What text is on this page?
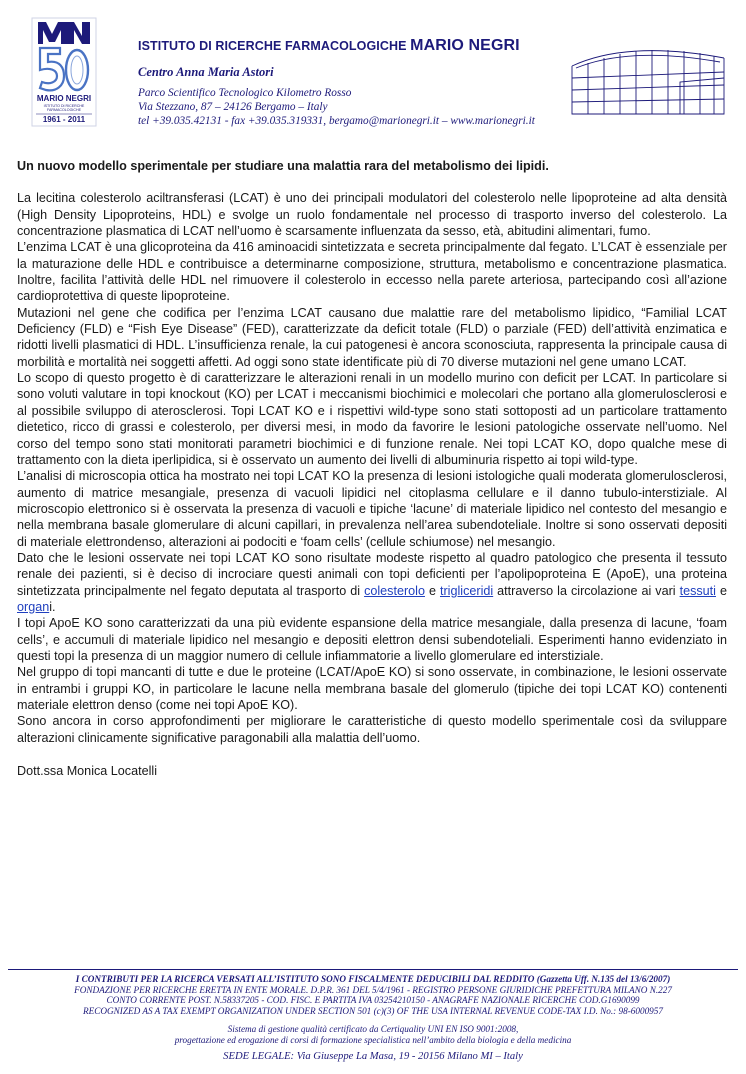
MARIO NEGRI
ISTITUTO DI RICERCHE
FARMACOLOGICHE
1961 - 2011
ISTITUTO DI RICERCHE FARMACOLOGICHE MARIO NEGRI
Centro Anna Maria Astori
Parco Scientifico Tecnologico Kilometro Rosso
Via Stezzano, 87 – 24126 Bergamo – Italy
tel +39.035.42131 - fax +39.035.319331, bergamo@marionegri.it – www.marionegri.it

Un nuovo modello sperimentale per studiare una malattia rara del metabolismo dei lipidi.

La lecitina colesterolo aciltransferasi (LCAT) è uno dei principali modulatori del colesterolo nelle lipoproteine ad alta densità (High Density Lipoproteins, HDL) e svolge un ruolo fondamentale nel processo di trasporto inverso del colesterolo. La concentrazione plasmatica di LCAT nell’uomo è scarsamente influenzata da sesso, età, abitudini alimentari, fumo.

L’enzima LCAT è una glicoproteina da 416 aminoacidi sintetizzata e secreta principalmente dal fegato. L’LCAT è essenziale per la maturazione delle HDL e contribuisce a determinarne composizione, struttura, metabolismo e concentrazione plasmatica. Inoltre, facilita l’attività delle HDL nel rimuovere il colesterolo in eccesso nella parete arteriosa, partecipando così all’azione cardioprotettiva di queste lipoproteine.

Mutazioni nel gene che codifica per l’enzima LCAT causano due malattie rare del metabolismo lipidico, “Familial LCAT Deficiency (FLD) e “Fish Eye Disease” (FED), caratterizzate da deficit totale (FLD) o parziale (FED) dell’attività enzimatica e ridotti livelli plasmatici di HDL. L’insufficienza renale, la cui patogenesi è ancora sconosciuta, rappresenta la principale causa di morbilità e mortalità nei soggetti affetti. Ad oggi sono state identificate più di 70 diverse mutazioni nel gene umano LCAT.

Lo scopo di questo progetto è di caratterizzare le alterazioni renali in un modello murino con deficit per LCAT. In particolare si sono voluti valutare in topi knockout (KO) per LCAT i meccanismi biochimici e molecolari che portano alla glomerulosclerosi e al possibile sviluppo di aterosclerosi. Topi LCAT KO e i rispettivi wild-type sono stati sottoposti ad un particolare trattamento dietetico, ricco di grassi e colesterolo, per diversi mesi, in modo da favorire le lesioni patologiche osservate nell’uomo. Nel corso del tempo sono stati monitorati parametri biochimici e di funzione renale. Nei topi LCAT KO, dopo qualche mese di trattamento con la dieta iperlipidica, si è osservato un aumento dei livelli di albuminuria rispetto ai topi wild-type.

L’analisi di microscopia ottica ha mostrato nei topi LCAT KO la presenza di lesioni istologiche quali moderata glomerulosclerosi, aumento di matrice mesangiale, presenza di vacuoli lipidici nel citoplasma cellulare e il danno tubulo-interstiziale. Al microscopio elettronico si è osservata la presenza di vacuoli e tipiche ‘lacune’ di materiale lipidico nel contesto del mesangio e nella membrana basale glomerulare di alcuni capillari, in prevalenza nell’area subendoteliale. Inoltre si sono osservati depositi di materiale elettrondenso, alterazioni ai podociti e ‘foam cells’ (cellule schiumose) nel mesangio.

Dato che le lesioni osservate nei topi LCAT KO sono risultate modeste rispetto al quadro patologico che presenta il tessuto renale dei pazienti, si è deciso di incrociare questi animali con topi deficienti per l’apolipoproteina E (ApoE), una proteina sintetizzata principalmente nel fegato deputata al trasporto di colesterolo e trigliceridi attraverso la circolazione ai vari tessuti e organi.

I topi ApoE KO sono caratterizzati da una più evidente espansione della matrice mesangiale, dalla presenza di lacune, ‘foam cells’, e accumuli di materiale lipidico nel mesangio e depositi elettron densi subendoteliali. Esperimenti hanno evidenziato in questi topi la presenza di un maggior numero di cellule infiammatorie a livello glomerulare ed interstiziale.

Nel gruppo di topi mancanti di tutte e due le proteine (LCAT/ApoE KO) si sono osservate, in combinazione, le lesioni osservate in entrambi i gruppi KO, in particolare le lacune nella membrana basale del glomerulo (tipiche dei topi LCAT KO) contenenti materiale elettron denso (come nei topi ApoE KO).

Sono ancora in corso approfondimenti per migliorare le caratteristiche di questo modello sperimentale così da sviluppare alterazioni clinicamente significative paragonabili alla malattia dell’uomo.

Dott.ssa Monica Locatelli

I CONTRIBUTI PER LA RICERCA VERSATI ALL’ISTITUTO SONO FISCALMENTE DEDUCIBILI DAL REDDITO (Gazzetta Uff. N.135 del 13/6/2007)
FONDAZIONE PER RICERCHE ERETTA IN ENTE MORALE. D.P.R. 361 DEL 5/4/1961 - REGISTRO PERSONE GIURIDICHE PREFETTURA MILANO N.227
CONTO CORRENTE POST. N.58337205 - COD. FISC. E PARTITA IVA 03254210150 - ANAGRAFE NAZIONALE RICERCHE COD.G1690099
RECOGNIZED AS A TAX EXEMPT ORGANIZATION UNDER SECTION 501 (c)(3) OF THE USA INTERNAL REVENUE CODE-TAX I.D. No.: 98-6000957
Sistema di gestione qualità certificato da Certiquality UNI EN ISO 9001:2008,
progettazione ed erogazione di corsi di formazione specialistica nell’ambito della biologia e della medicina
SEDE LEGALE: Via Giuseppe La Masa, 19 - 20156 Milano MI – Italy
